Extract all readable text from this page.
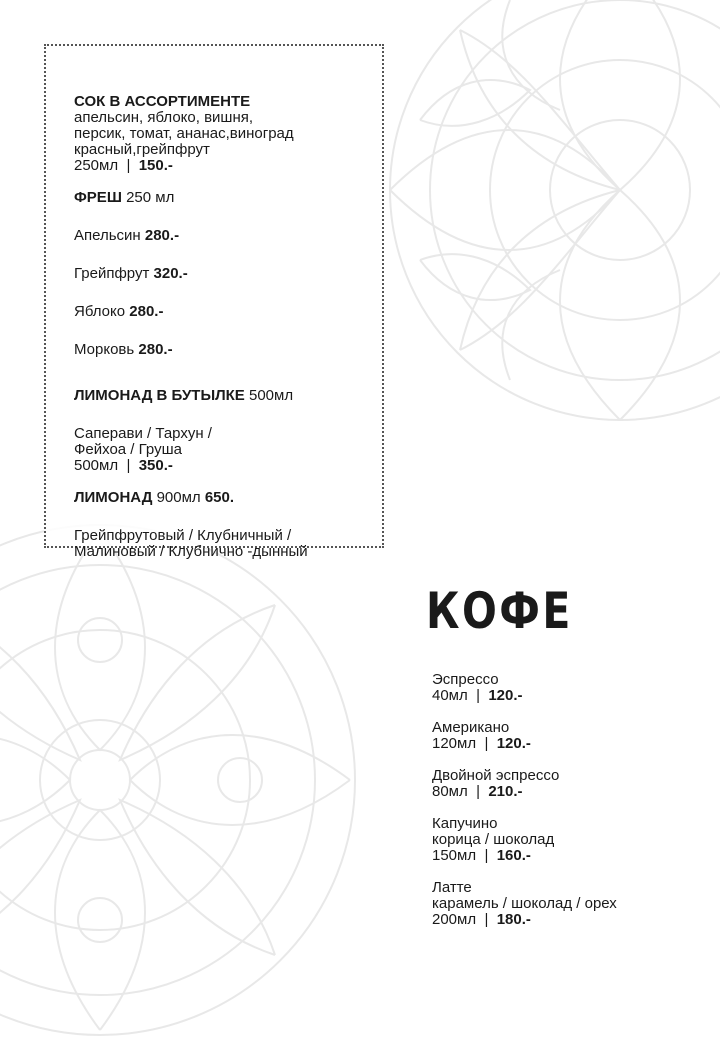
СОК В АССОРТИМЕНТЕ
апельсин, яблоко, вишня,
персик, томат, ананас,виноград
красный,грейпфрут
250мл | 150.-
ФРЕШ 250 мл
Апельсин 280.-
Грейпфрут 320.-
Яблоко 280.-
Морковь 280.-
ЛИМОНАД В БУТЫЛКЕ 500мл
Саперави / Тархун /
Фейхоа / Груша
500мл | 350.-
ЛИМОНАД 900мл 650.
Грейпфрутовый / Клубничный /
Малиновый / Клубнично -дынный
КОФЕ
Эспрессо
40мл | 120.-
Американо
120мл | 120.-
Двойной эспрессо
80мл | 210.-
Капучино
корица / шоколад
150мл | 160.-
Латте
карамель / шоколад / орех
200мл | 180.-
